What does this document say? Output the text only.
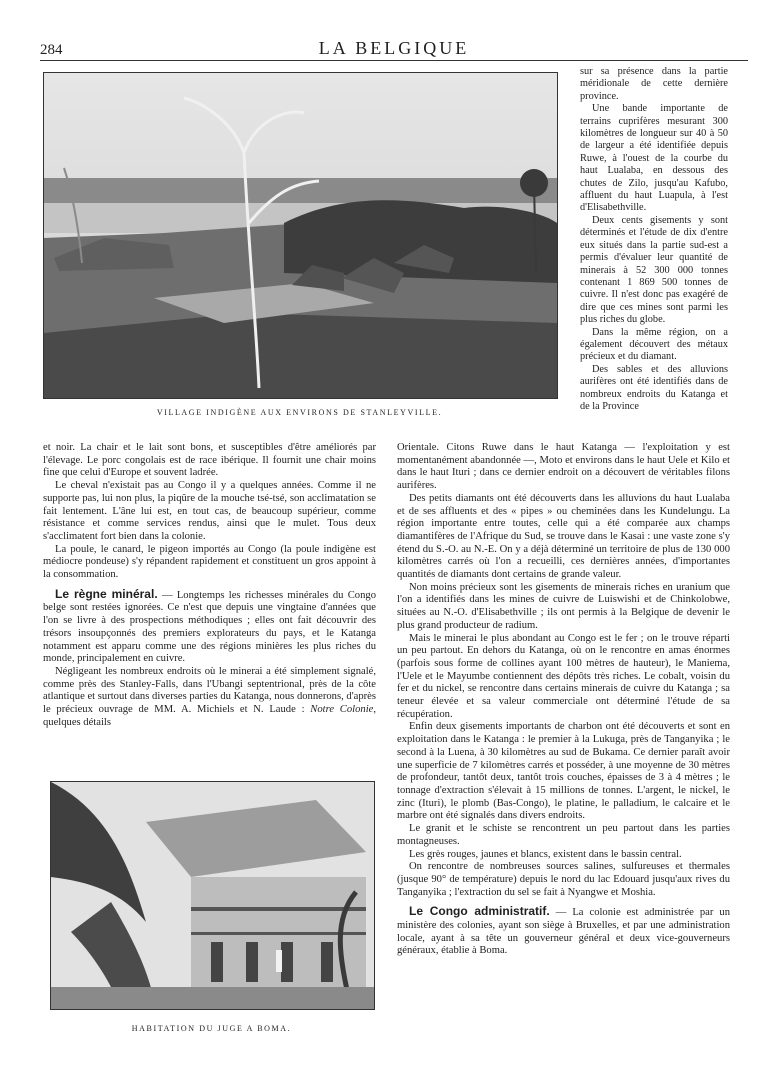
284	LA BELGIQUE
VILLAGE INDIGÈNE AUX ENVIRONS DE STANLEYVILLE.

sur sa présence dans la partie méridionale de cette dernière province.

Une bande importante de terrains cuprifères mesurant 300 kilomètres de longueur sur 40 à 50 de largeur a été identifiée depuis Ruwe, à l'ouest de la courbe du haut Lualaba, en dessous des chutes de Zilo, jusqu'au Kafubo, affluent du haut Luapula, à l'est d'Elisabethville.

Deux cents gisements y sont déterminés et l'étude de dix d'entre eux situés dans la partie sud-est a permis d'évaluer leur quantité de minerais à 52 300 000 tonnes contenant 1 869 500 tonnes de cuivre. Il n'est donc pas exagéré de dire que ces mines sont parmi les plus riches du globe.

Dans la même région, on a également découvert des métaux précieux et du diamant.

Des sables et des alluvions aurifères ont été identifiés dans de nombreux endroits du Katanga et de la Province

et noir. La chair et le lait sont bons, et susceptibles d'être améliorés par l'élevage. Le porc congolais est de race ibérique. Il fournit une chair moins fine que celui d'Europe et souvent ladrée.

Le cheval n'existait pas au Congo il y a quelques années. Comme il ne supporte pas, lui non plus, la piqûre de la mouche tsé-tsé, son acclimatation se fait lentement. L'âne lui est, en tout cas, de beaucoup supérieur, comme résistance et comme services rendus, ainsi que le mulet. Tous deux s'acclimatent fort bien dans la colonie.

La poule, le canard, le pigeon importés au Congo (la poule indigène est médiocre pondeuse) s'y répandent rapidement et constituent un gros appoint à la consommation.

Le règne minéral. — Longtemps les richesses minérales du Congo belge sont restées ignorées. Ce n'est que depuis une vingtaine d'années que l'on se livre à des prospections méthodiques ; elles ont fait découvrir des trésors insoupçonnés des premiers explorateurs du pays, et le Katanga notamment est apparu comme une des régions minières les plus riches du monde, principalement en cuivre.

Négligeant les nombreux endroits où le minerai a été simplement signalé, comme près des Stanley-Falls, dans l'Ubangi septentrional, près de la côte atlantique et surtout dans diverses parties du Katanga, nous donnerons, d'après le précieux ouvrage de MM. A. Michiels et N. Laude : Notre Colonie, quelques détails

HABITATION DU JUGE A BOMA.

Orientale. Citons Ruwe dans le haut Katanga — l'exploitation y est momentanément abandonnée —, Moto et environs dans le haut Uele et Kilo et dans le haut Ituri ; dans ce dernier endroit on a découvert de véritables filons aurifères.

Des petits diamants ont été découverts dans les alluvions du haut Lualaba et de ses affluents et des « pipes » ou cheminées dans les Kundelungu. La région importante entre toutes, celle qui a été comparée aux champs diamantifères de l'Afrique du Sud, se trouve dans le Kasai : une vaste zone s'y étend du S.-O. au N.-E. On y a déjà déterminé un territoire de plus de 130 000 kilomètres carrés où l'on a recueilli, ces dernières années, d'importantes quantités de diamants dont certains de grande valeur.

Non moins précieux sont les gisements de minerais riches en uranium que l'on a identifiés dans les mines de cuivre de Luiswishi et de Chinkolobwe, situées au N.-O. d'Elisabethville ; ils ont permis à la Belgique de devenir le plus grand producteur de radium.

Mais le minerai le plus abondant au Congo est le fer ; on le trouve réparti un peu partout. En dehors du Katanga, où on le rencontre en amas énormes (parfois sous forme de collines ayant 100 mètres de hauteur), le Maniema, l'Uele et le Mayumbe contiennent des dépôts très riches. Le cobalt, voisin du fer et du nickel, se rencontre dans certains minerais de cuivre du Katanga ; sa teneur élevée et sa valeur commerciale ont déterminé l'étude de sa récupération.

Enfin deux gisements importants de charbon ont été découverts et sont en exploitation dans le Katanga : le premier à la Lukuga, près de Tanganyika ; le second à la Luena, à 30 kilomètres au sud de Bukama. Ce dernier paraît avoir une superficie de 7 kilomètres carrés et posséder, à une moyenne de 30 mètres de profondeur, tantôt deux, tantôt trois couches, épaisses de 3 à 4 mètres ; le tonnage d'extraction s'élevait à 15 millions de tonnes. L'argent, le nickel, le zinc (Ituri), le plomb (Bas-Congo), le platine, le palladium, le calcaire et le marbre ont été signalés dans divers endroits.

Le granit et le schiste se rencontrent un peu partout dans les parties montagneuses.

Les grès rouges, jaunes et blancs, existent dans le bassin central.

On rencontre de nombreuses sources salines, sulfureuses et thermales (jusque 90° de température) depuis le nord du lac Edouard jusqu'aux rives du Tanganyika ; l'extraction du sel se fait à Nyangwe et Moshia.

Le Congo administratif. — La colonie est administrée par un ministère des colonies, ayant son siège à Bruxelles, et par une administration locale, ayant à sa tête un gouverneur général et deux vice-gouverneurs généraux, établie à Boma.
